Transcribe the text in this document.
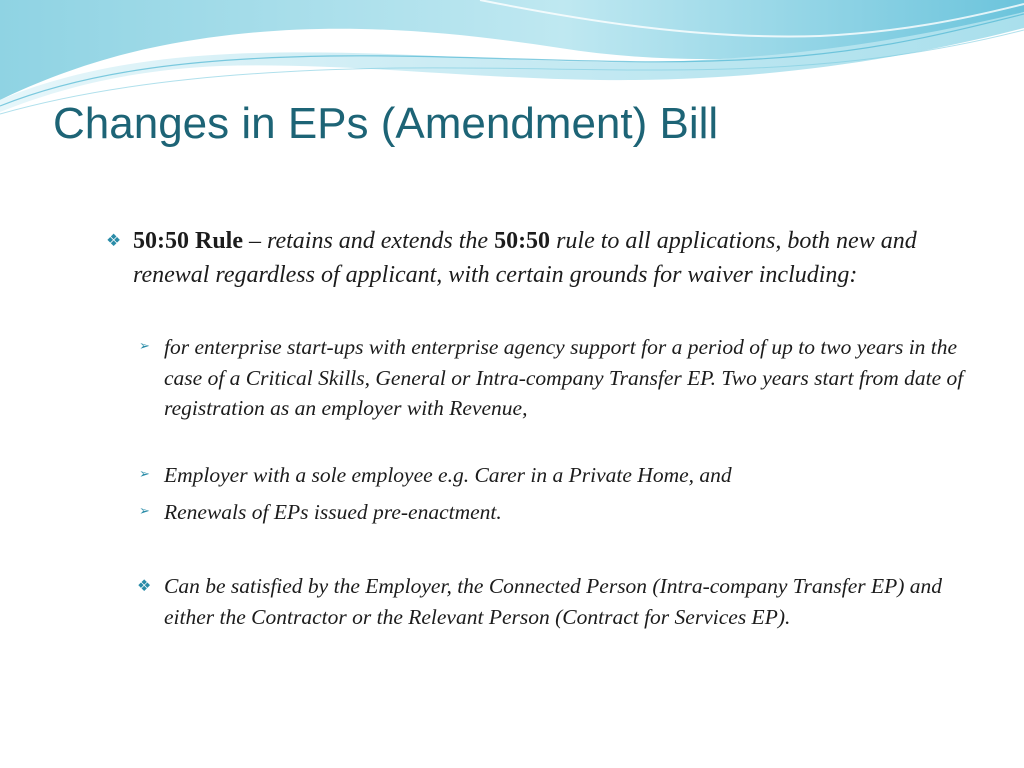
Changes in EPs (Amendment) Bill
❖ 50:50 Rule – retains and extends the 50:50 rule to all applications, both new and renewal regardless of applicant, with certain grounds for waiver including:
➢ for enterprise start-ups with enterprise agency support for a period of up to two years in the case of a Critical Skills, General or Intra-company Transfer EP. Two years start from date of registration as an employer with Revenue,
➢ Employer with a sole employee e.g. Carer in a Private Home, and
➢ Renewals of EPs issued pre-enactment.
❖ Can be satisfied by the Employer, the Connected Person (Intra-company Transfer EP) and either the Contractor or the Relevant Person (Contract for Services EP).
